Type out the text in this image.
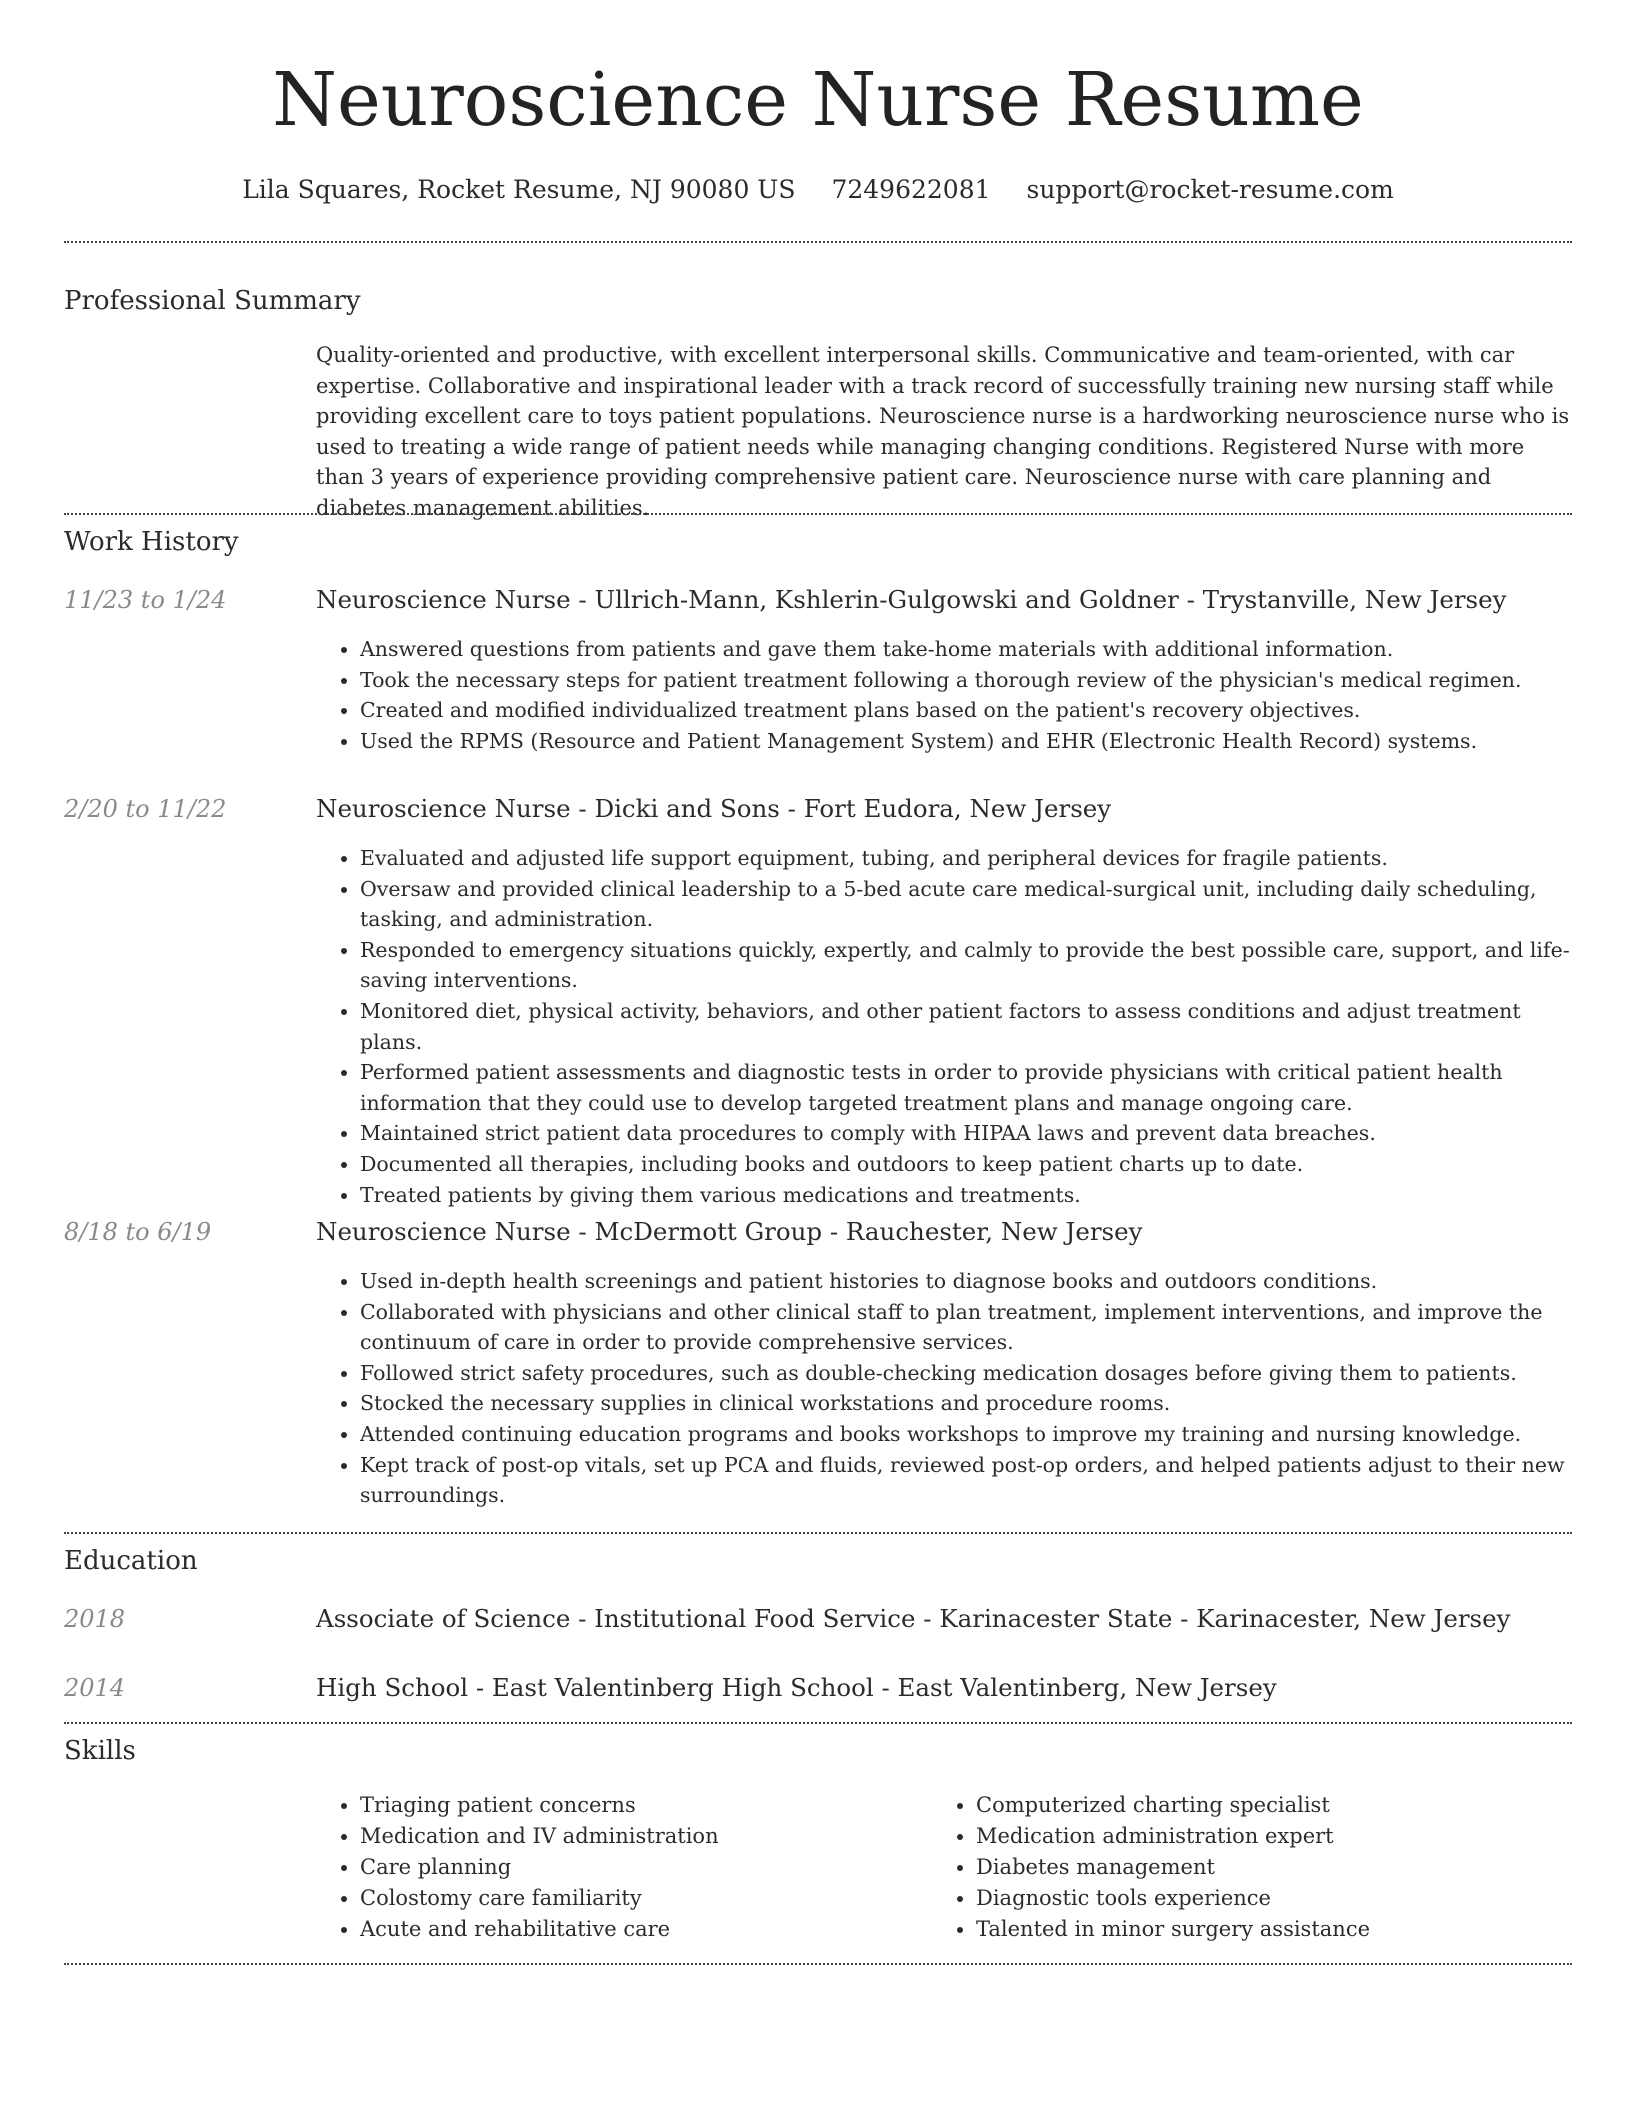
Neuroscience Nurse Resume
Lila Squares, Rocket Resume, NJ 90080 US 7249622081 support@rocket-resume.com
Professional Summary
Quality-oriented and productive, with excellent interpersonal skills. Communicative and team-oriented, with car expertise. Collaborative and inspirational leader with a track record of successfully training new nursing staff while providing excellent care to toys patient populations. Neuroscience nurse is a hardworking neuroscience nurse who is used to treating a wide range of patient needs while managing changing conditions. Registered Nurse with more than 3 years of experience providing comprehensive patient care. Neuroscience nurse with care planning and diabetes management abilities.
Work History
11/23 to 1/24	Neuroscience Nurse - Ullrich-Mann, Kshlerin-Gulgowski and Goldner - Trystanville, New Jersey
• Answered questions from patients and gave them take-home materials with additional information.
• Took the necessary steps for patient treatment following a thorough review of the physician's medical regimen.
• Created and modified individualized treatment plans based on the patient's recovery objectives.
• Used the RPMS (Resource and Patient Management System) and EHR (Electronic Health Record) systems.
2/20 to 11/22	Neuroscience Nurse - Dicki and Sons - Fort Eudora, New Jersey
• Evaluated and adjusted life support equipment, tubing, and peripheral devices for fragile patients.
• Oversaw and provided clinical leadership to a 5-bed acute care medical-surgical unit, including daily scheduling, tasking, and administration.
• Responded to emergency situations quickly, expertly, and calmly to provide the best possible care, support, and life-saving interventions.
• Monitored diet, physical activity, behaviors, and other patient factors to assess conditions and adjust treatment plans.
• Performed patient assessments and diagnostic tests in order to provide physicians with critical patient health information that they could use to develop targeted treatment plans and manage ongoing care.
• Maintained strict patient data procedures to comply with HIPAA laws and prevent data breaches.
• Documented all therapies, including books and outdoors to keep patient charts up to date.
• Treated patients by giving them various medications and treatments.
8/18 to 6/19	Neuroscience Nurse - McDermott Group - Rauchester, New Jersey
• Used in-depth health screenings and patient histories to diagnose books and outdoors conditions.
• Collaborated with physicians and other clinical staff to plan treatment, implement interventions, and improve the continuum of care in order to provide comprehensive services.
• Followed strict safety procedures, such as double-checking medication dosages before giving them to patients.
• Stocked the necessary supplies in clinical workstations and procedure rooms.
• Attended continuing education programs and books workshops to improve my training and nursing knowledge.
• Kept track of post-op vitals, set up PCA and fluids, reviewed post-op orders, and helped patients adjust to their new surroundings.
Education
2018	Associate of Science - Institutional Food Service - Karinacester State - Karinacester, New Jersey
2014	High School - East Valentinberg High School - East Valentinberg, New Jersey
Skills
• Triaging patient concerns
• Medication and IV administration
• Care planning
• Colostomy care familiarity
• Acute and rehabilitative care
• Computerized charting specialist
• Medication administration expert
• Diabetes management
• Diagnostic tools experience
• Talented in minor surgery assistance
